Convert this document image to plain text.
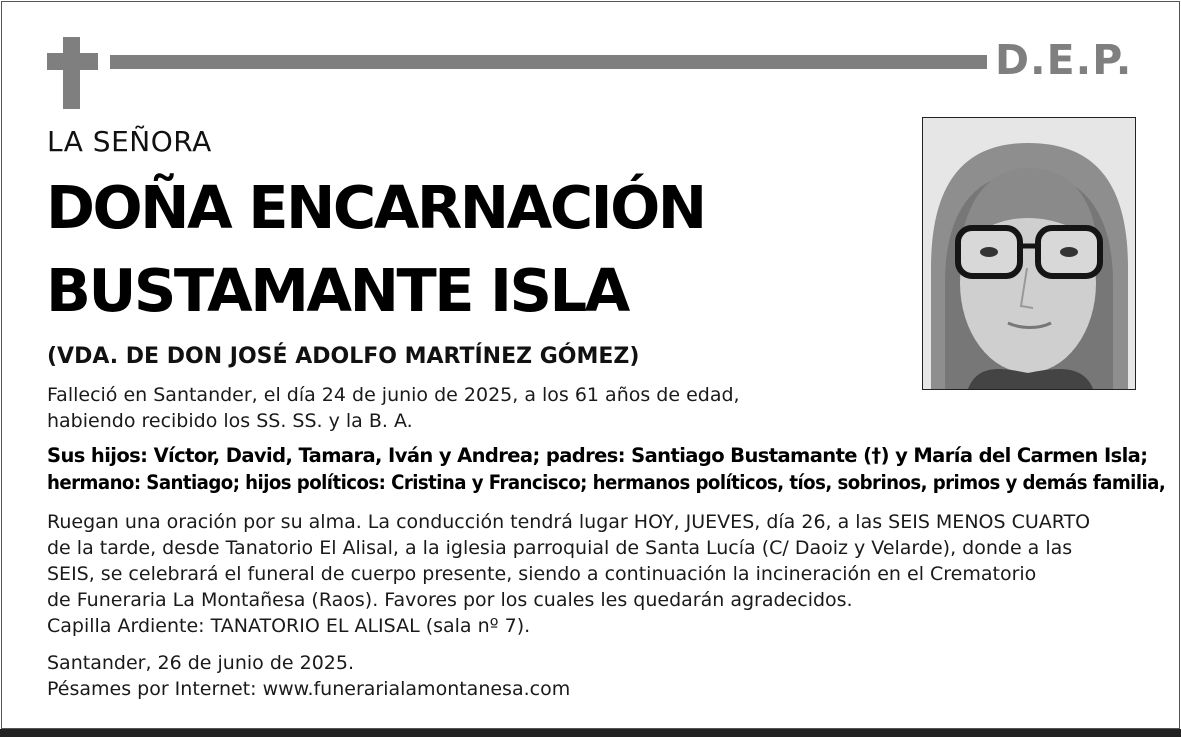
D.E.P.
LA SEÑORA
DOÑA ENCARNACIÓN
BUSTAMANTE ISLA
(VDA. DE DON JOSÉ ADOLFO MARTÍNEZ GÓMEZ)
Falleció en Santander, el día 24 de junio de 2025, a los 61 años de edad,
habiendo recibido los SS. SS. y la B. A.
Sus hijos: Víctor, David, Tamara, Iván y Andrea; padres: Santiago Bustamante (†) y María del Carmen Isla;
hermano: Santiago; hijos políticos: Cristina y Francisco; hermanos políticos, tíos, sobrinos, primos y demás familia,
Ruegan una oración por su alma. La conducción tendrá lugar HOY, JUEVES, día 26, a las SEIS MENOS CUARTO
de la tarde, desde Tanatorio El Alisal, a la iglesia parroquial de Santa Lucía (C/ Daoiz y Velarde), donde a las
SEIS, se celebrará el funeral de cuerpo presente, siendo a continuación la incineración en el Crematorio
de Funeraria La Montañesa (Raos). Favores por los cuales les quedarán agradecidos.
Capilla Ardiente: TANATORIO EL ALISAL (sala nº 7).
Santander, 26 de junio de 2025.
Pésames por Internet: www.funerarialamontanesa.com
